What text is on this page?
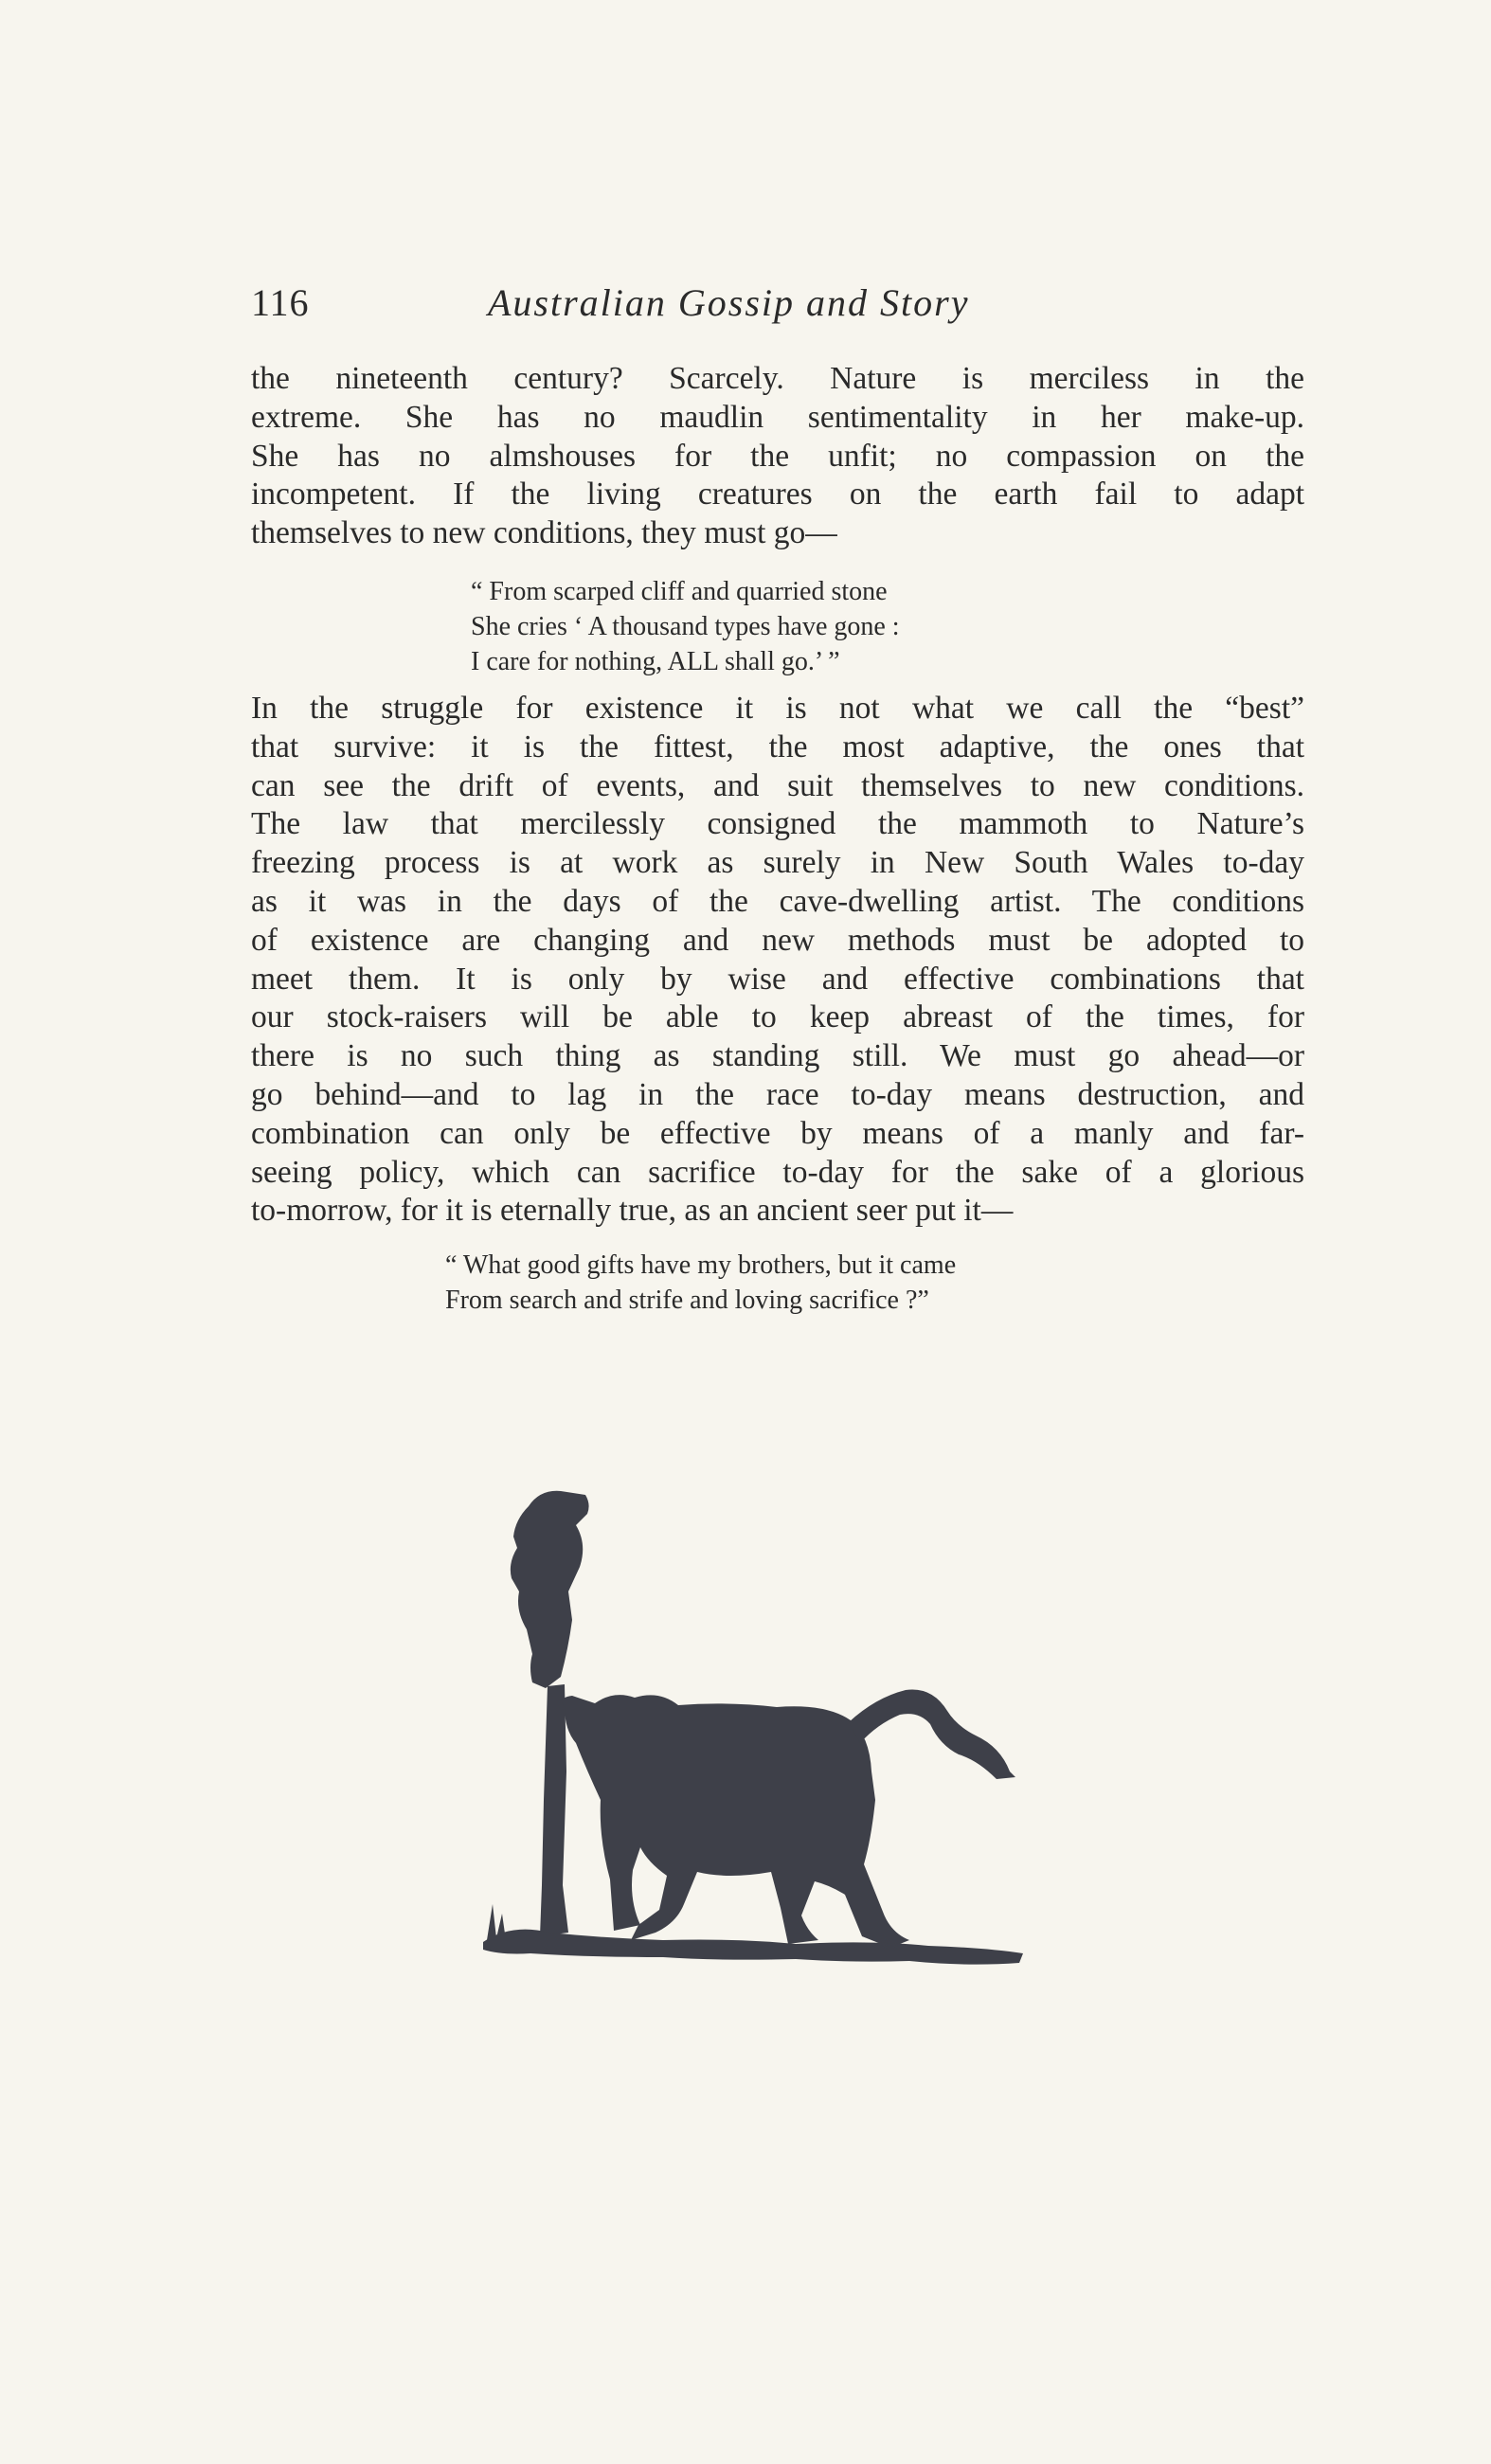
116	Australian Gossip and Story

the nineteenth century? Scarcely. Nature is merciless in the
extreme. She has no maudlin sentimentality in her make-up.
She has no almshouses for the unfit; no compassion on the
incompetent. If the living creatures on the earth fail to adapt
themselves to new conditions, they must go—

“ From scarped cliff and quarried stone
She cries ‘ A thousand types have gone :
I care for nothing, ALL shall go.’ ”

In the struggle for existence it is not what we call the “best”
that survive: it is the fittest, the most adaptive, the ones that
can see the drift of events, and suit themselves to new conditions.
The law that mercilessly consigned the mammoth to Nature’s
freezing process is at work as surely in New South Wales to-day
as it was in the days of the cave-dwelling artist. The conditions
of existence are changing and new methods must be adopted to
meet them. It is only by wise and effective combinations that
our stock-raisers will be able to keep abreast of the times, for
there is no such thing as standing still. We must go ahead—or
go behind—and to lag in the race to-day means destruction, and
combination can only be effective by means of a manly and far-
seeing policy, which can sacrifice to-day for the sake of a glorious
to-morrow, for it is eternally true, as an ancient seer put it—

“ What good gifts have my brothers, but it came
From search and strife and loving sacrifice ?”
